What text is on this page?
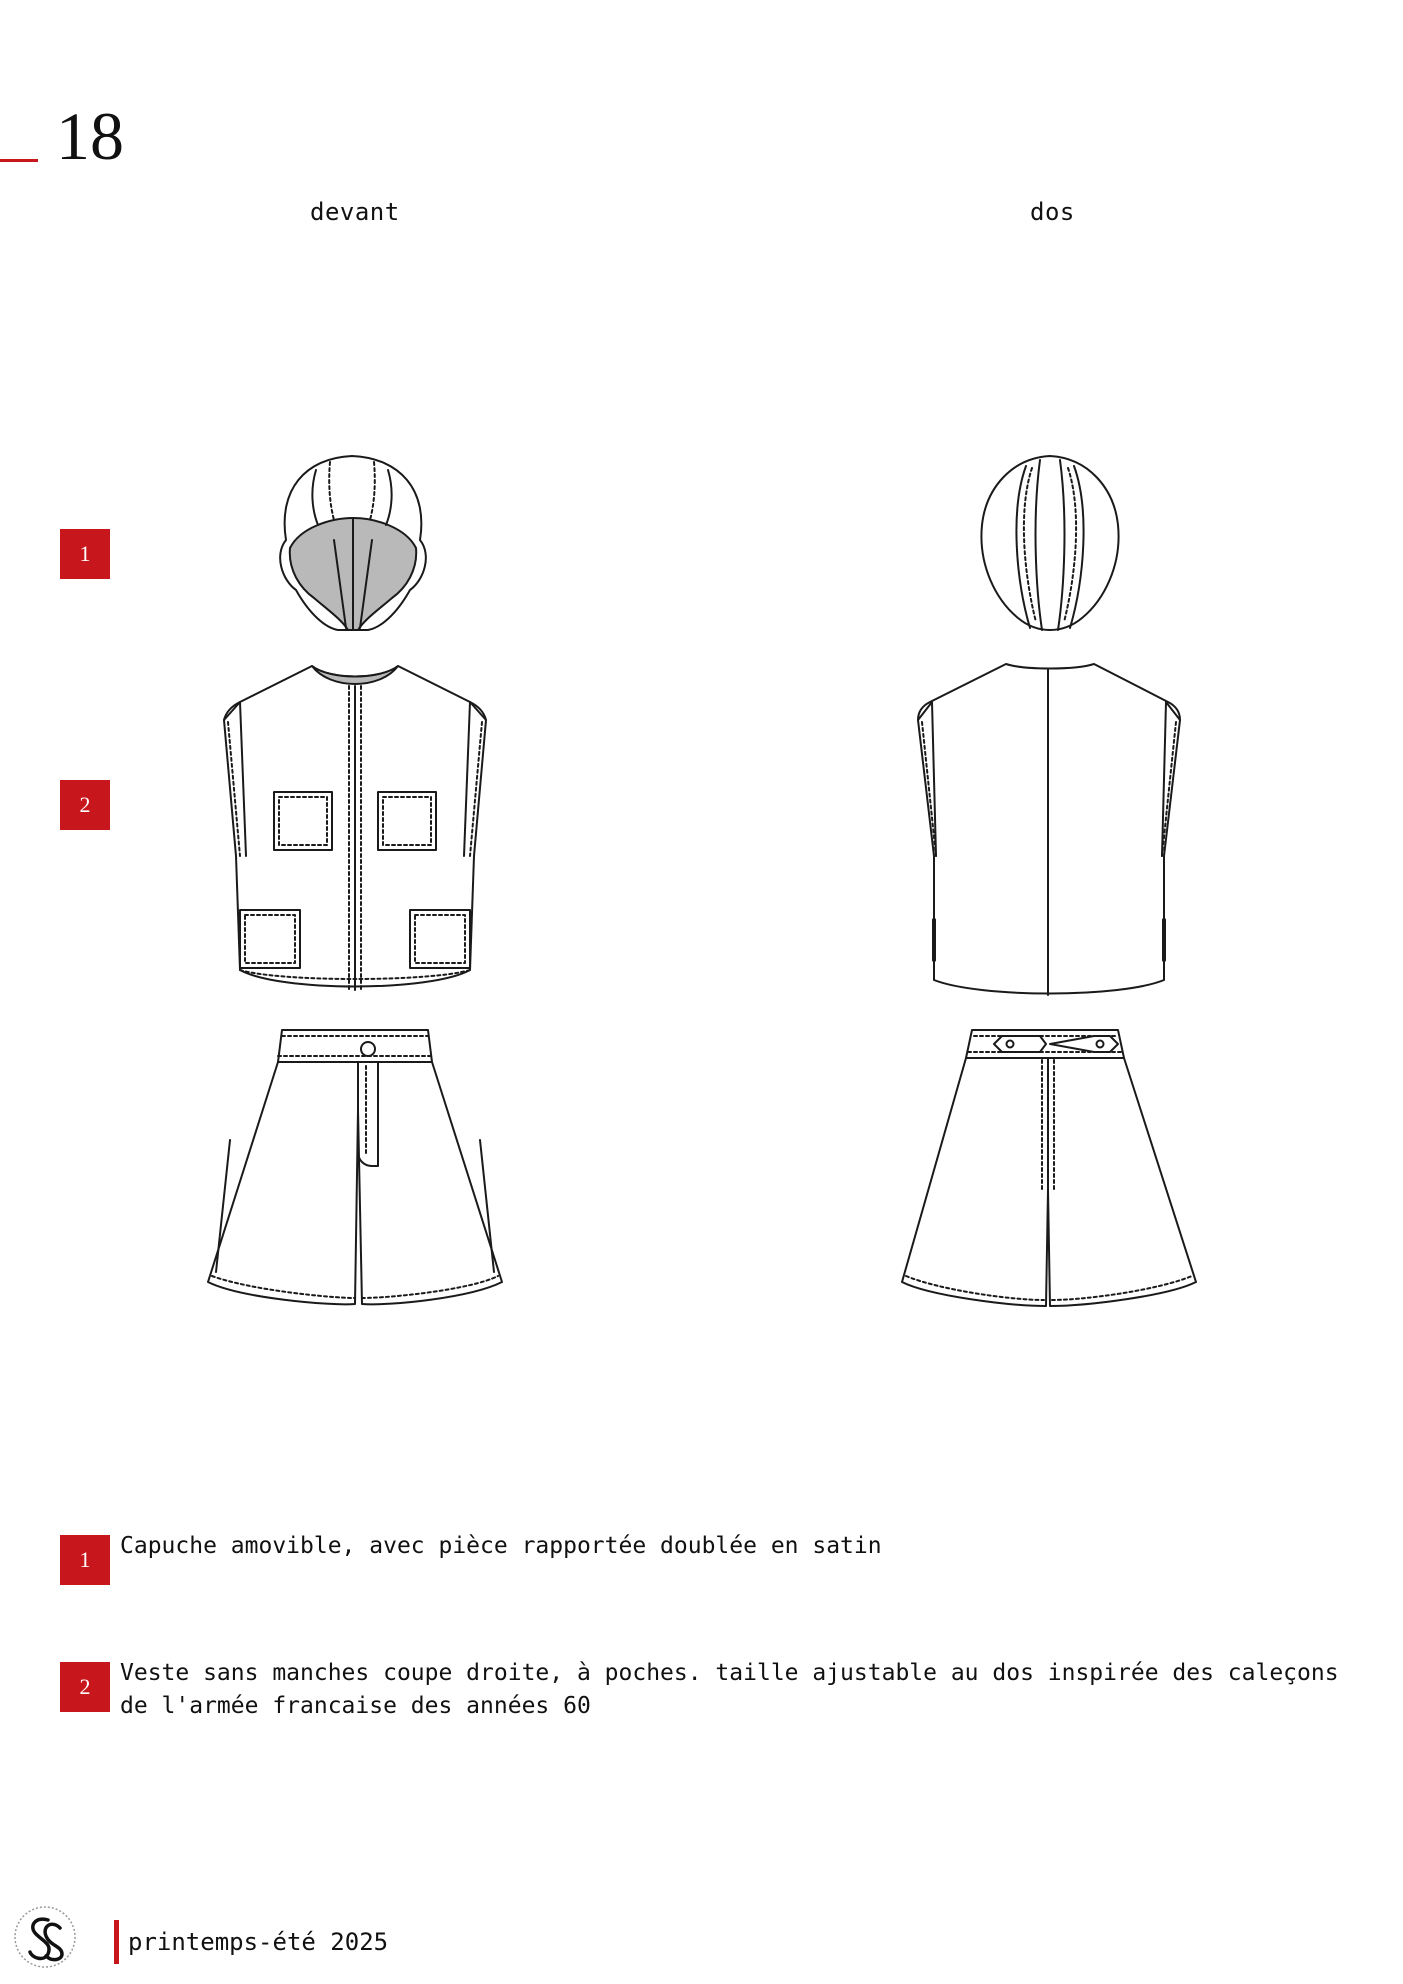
18
devant	dos
1
2
1
Capuche amovible, avec pièce rapportée doublée en satin
2
Veste sans manches coupe droite, à poches. taille ajustable au dos inspirée des caleçons de l'armée francaise des années 60
printemps-été 2025
